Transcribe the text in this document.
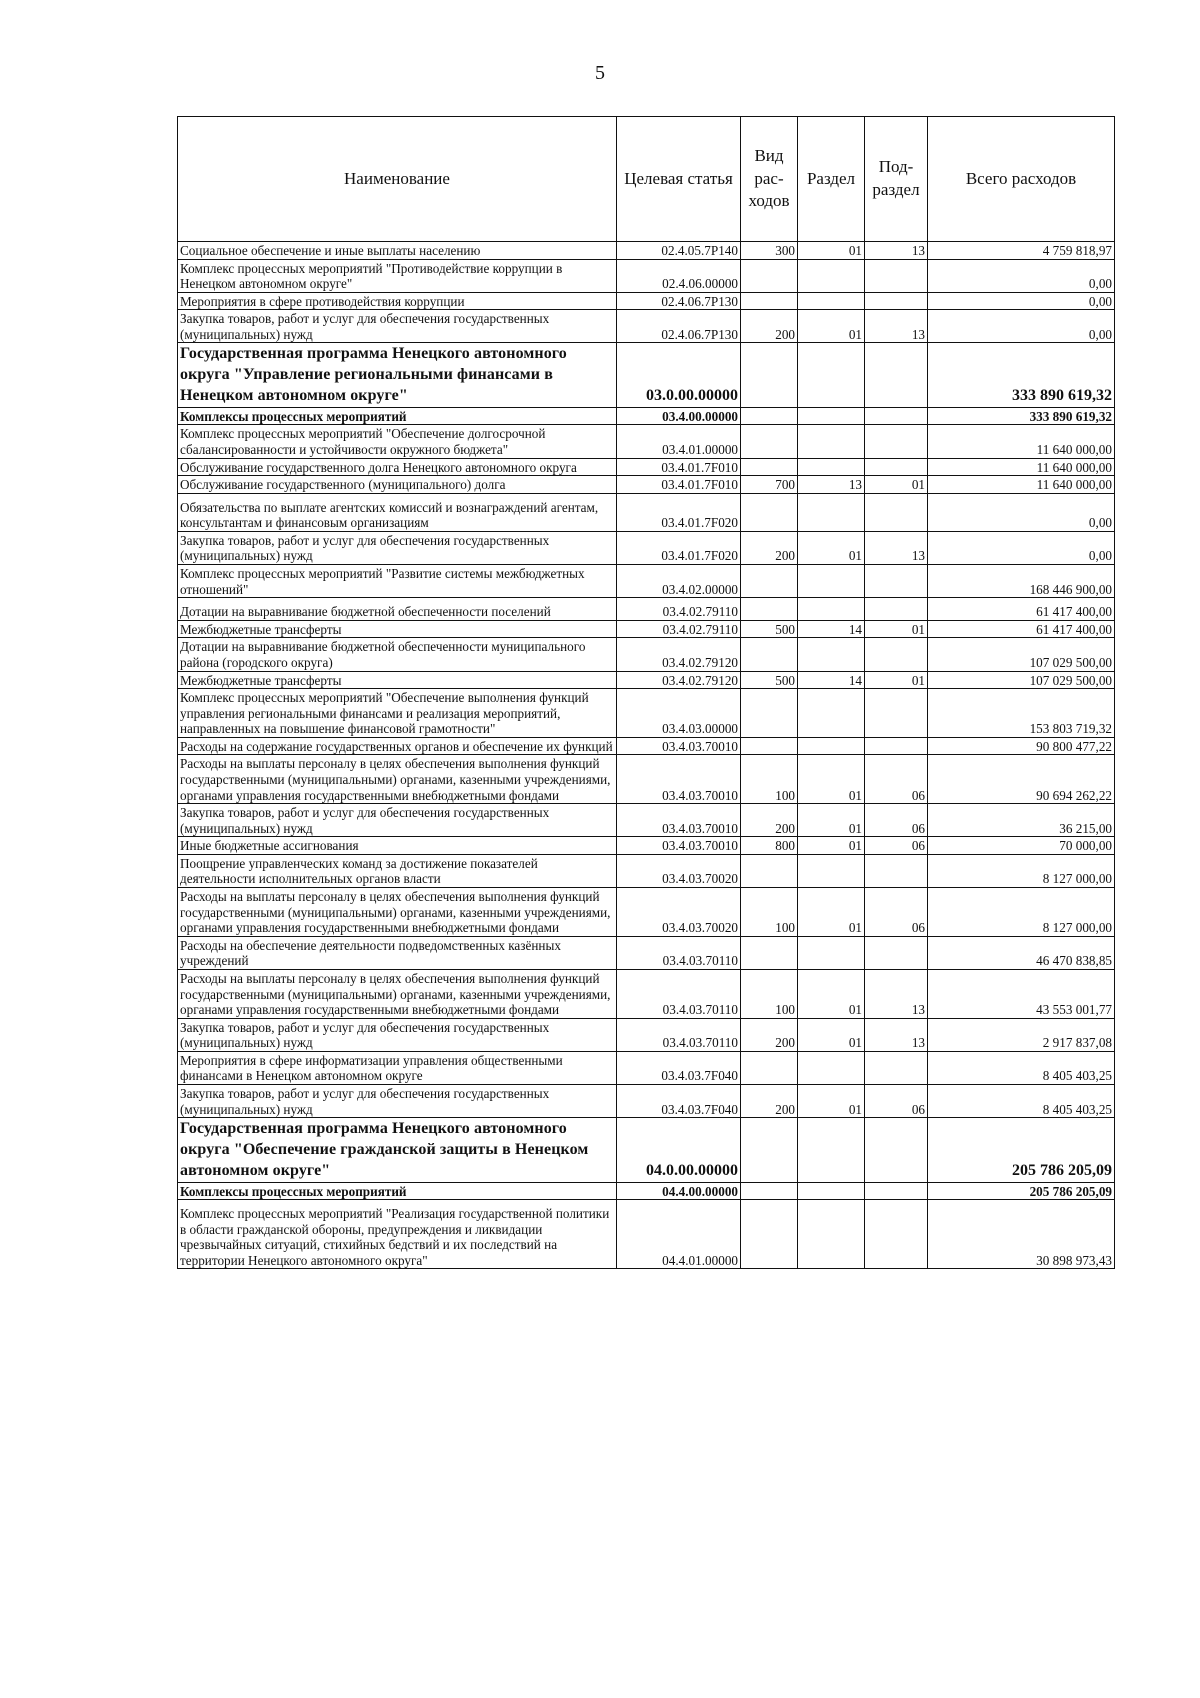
5
Наименование	Целевая статья	Вид рас-ходов	Раздел	Под-раздел	Всего расходов
Социальное обеспечение и иные выплаты населению	02.4.05.7P140	300	01	13	4 759 818,97
Комплекс процессных мероприятий "Противодействие коррупции в Ненецком автономном округе"	02.4.06.00000				0,00
Мероприятия в сфере противодействия коррупции	02.4.06.7P130				0,00
Закупка товаров, работ и услуг для обеспечения государственных (муниципальных) нужд	02.4.06.7P130	200	01	13	0,00
Государственная программа Ненецкого автономного округа "Управление региональными финансами в Ненецком автономном округе"	03.0.00.00000				333 890 619,32
Комплексы процессных мероприятий	03.4.00.00000				333 890 619,32
Комплекс процессных мероприятий "Обеспечение долгосрочной сбалансированности и устойчивости окружного бюджета"	03.4.01.00000				11 640 000,00
Обслуживание государственного долга Ненецкого автономного округа	03.4.01.7F010				11 640 000,00
Обслуживание государственного (муниципального) долга	03.4.01.7F010	700	13	01	11 640 000,00
Обязательства по выплате агентских комиссий и вознаграждений агентам, консультантам и финансовым организациям	03.4.01.7F020				0,00
Закупка товаров, работ и услуг для обеспечения государственных (муниципальных) нужд	03.4.01.7F020	200	01	13	0,00
Комплекс процессных мероприятий "Развитие системы межбюджетных отношений"	03.4.02.00000				168 446 900,00
Дотации на выравнивание бюджетной обеспеченности поселений	03.4.02.79110				61 417 400,00
Межбюджетные трансферты	03.4.02.79110	500	14	01	61 417 400,00
Дотации на выравнивание бюджетной обеспеченности муниципального района (городского округа)	03.4.02.79120				107 029 500,00
Межбюджетные трансферты	03.4.02.79120	500	14	01	107 029 500,00
Комплекс процессных мероприятий "Обеспечение выполнения функций управления региональными финансами и реализация мероприятий, направленных на повышение финансовой грамотности"	03.4.03.00000				153 803 719,32
Расходы на содержание государственных органов и обеспечение их функций	03.4.03.70010				90 800 477,22
Расходы на выплаты персоналу в целях обеспечения выполнения функций государственными (муниципальными) органами, казенными учреждениями, органами управления государственными внебюджетными фондами	03.4.03.70010	100	01	06	90 694 262,22
Закупка товаров, работ и услуг для обеспечения государственных (муниципальных) нужд	03.4.03.70010	200	01	06	36 215,00
Иные бюджетные ассигнования	03.4.03.70010	800	01	06	70 000,00
Поощрение управленческих команд за достижение показателей деятельности исполнительных органов власти	03.4.03.70020				8 127 000,00
Расходы на выплаты персоналу в целях обеспечения выполнения функций государственными (муниципальными) органами, казенными учреждениями, органами управления государственными внебюджетными фондами	03.4.03.70020	100	01	06	8 127 000,00
Расходы на обеспечение деятельности подведомственных казённых учреждений	03.4.03.70110				46 470 838,85
Расходы на выплаты персоналу в целях обеспечения выполнения функций государственными (муниципальными) органами, казенными учреждениями, органами управления государственными внебюджетными фондами	03.4.03.70110	100	01	13	43 553 001,77
Закупка товаров, работ и услуг для обеспечения государственных (муниципальных) нужд	03.4.03.70110	200	01	13	2 917 837,08
Мероприятия в сфере информатизации управления общественными финансами в Ненецком автономном округе	03.4.03.7F040				8 405 403,25
Закупка товаров, работ и услуг для обеспечения государственных (муниципальных) нужд	03.4.03.7F040	200	01	06	8 405 403,25
Государственная программа Ненецкого автономного округа "Обеспечение гражданской защиты в Ненецком автономном округе"	04.0.00.00000				205 786 205,09
Комплексы процессных мероприятий	04.4.00.00000				205 786 205,09
Комплекс процессных мероприятий "Реализация государственной политики в области гражданской обороны, предупреждения и ликвидации чрезвычайных ситуаций, стихийных бедствий и их последствий на территории Ненецкого автономного округа"	04.4.01.00000				30 898 973,43
